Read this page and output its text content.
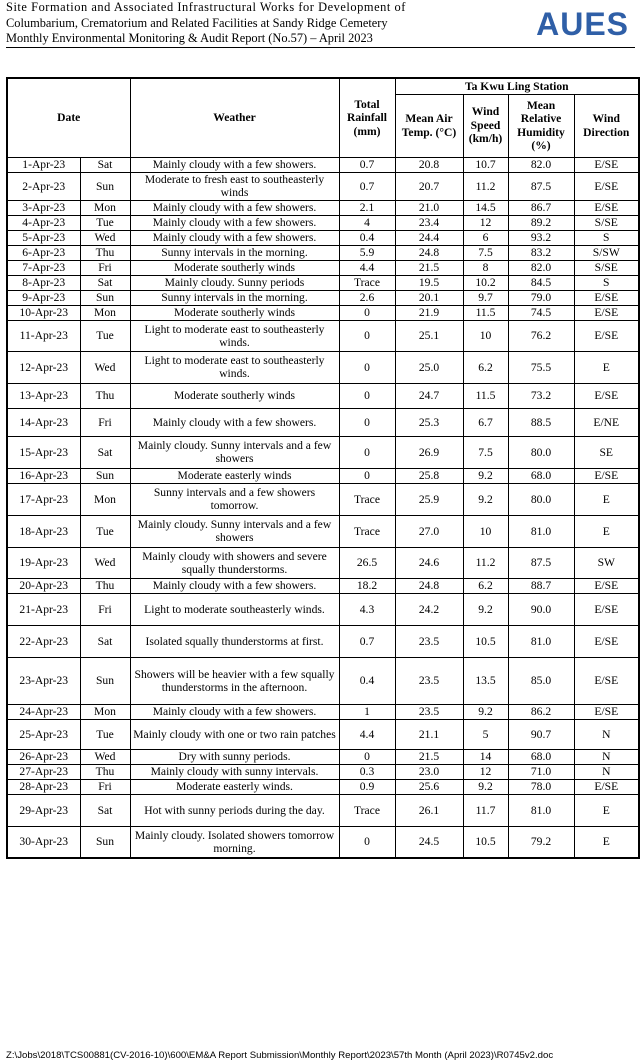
Site Formation and Associated Infrastructural Works for Development of
Columbarium, Crematorium and Related Facilities at Sandy Ridge Cemetery
Monthly Environmental Monitoring & Audit Report (No.57) – April 2023	AUES
Date		Weather	Total Rainfall (mm)	Ta Kwu Ling Station			
				Mean Air Temp. (°C)	Wind Speed (km/h)	Mean Relative Humidity (%)	Wind Direction
1-Apr-23	Sat	Mainly cloudy with a few showers.	0.7	20.8	10.7	82.0	E/SE
2-Apr-23	Sun	Moderate to fresh east to southeasterly winds	0.7	20.7	11.2	87.5	E/SE
3-Apr-23	Mon	Mainly cloudy with a few showers.	2.1	21.0	14.5	86.7	E/SE
4-Apr-23	Tue	Mainly cloudy with a few showers.	4	23.4	12	89.2	S/SE
5-Apr-23	Wed	Mainly cloudy with a few showers.	0.4	24.4	6	93.2	S
6-Apr-23	Thu	Sunny intervals in the morning.	5.9	24.8	7.5	83.2	S/SW
7-Apr-23	Fri	Moderate southerly winds	4.4	21.5	8	82.0	S/SE
8-Apr-23	Sat	Mainly cloudy. Sunny periods	Trace	19.5	10.2	84.5	S
9-Apr-23	Sun	Sunny intervals in the morning.	2.6	20.1	9.7	79.0	E/SE
10-Apr-23	Mon	Moderate southerly winds	0	21.9	11.5	74.5	E/SE
11-Apr-23	Tue	Light to moderate east to southeasterly winds.	0	25.1	10	76.2	E/SE
12-Apr-23	Wed	Light to moderate east to southeasterly winds.	0	25.0	6.2	75.5	E
13-Apr-23	Thu	Moderate southerly winds	0	24.7	11.5	73.2	E/SE
14-Apr-23	Fri	Mainly cloudy with a few showers.	0	25.3	6.7	88.5	E/NE
15-Apr-23	Sat	Mainly cloudy. Sunny intervals and a few showers	0	26.9	7.5	80.0	SE
16-Apr-23	Sun	Moderate easterly winds	0	25.8	9.2	68.0	E/SE
17-Apr-23	Mon	Sunny intervals and a few showers tomorrow.	Trace	25.9	9.2	80.0	E
18-Apr-23	Tue	Mainly cloudy. Sunny intervals and a few showers	Trace	27.0	10	81.0	E
19-Apr-23	Wed	Mainly cloudy with showers and severe squally thunderstorms.	26.5	24.6	11.2	87.5	SW
20-Apr-23	Thu	Mainly cloudy with a few showers.	18.2	24.8	6.2	88.7	E/SE
21-Apr-23	Fri	Light to moderate southeasterly winds.	4.3	24.2	9.2	90.0	E/SE
22-Apr-23	Sat	Isolated squally thunderstorms at first.	0.7	23.5	10.5	81.0	E/SE
23-Apr-23	Sun	Showers will be heavier with a few squally thunderstorms in the afternoon.	0.4	23.5	13.5	85.0	E/SE
24-Apr-23	Mon	Mainly cloudy with a few showers.	1	23.5	9.2	86.2	E/SE
25-Apr-23	Tue	Mainly cloudy with one or two rain patches	4.4	21.1	5	90.7	N
26-Apr-23	Wed	Dry with sunny periods.	0	21.5	14	68.0	N
27-Apr-23	Thu	Mainly cloudy with sunny intervals.	0.3	23.0	12	71.0	N
28-Apr-23	Fri	Moderate easterly winds.	0.9	25.6	9.2	78.0	E/SE
29-Apr-23	Sat	Hot with sunny periods during the day.	Trace	26.1	11.7	81.0	E
30-Apr-23	Sun	Mainly cloudy. Isolated showers tomorrow morning.	0	24.5	10.5	79.2	E
Z:\Jobs\2018\TCS00881(CV-2016-10)\600\EM&A Report Submission\Monthly Report\2023\57th Month (April 2023)\R0745v2.doc
